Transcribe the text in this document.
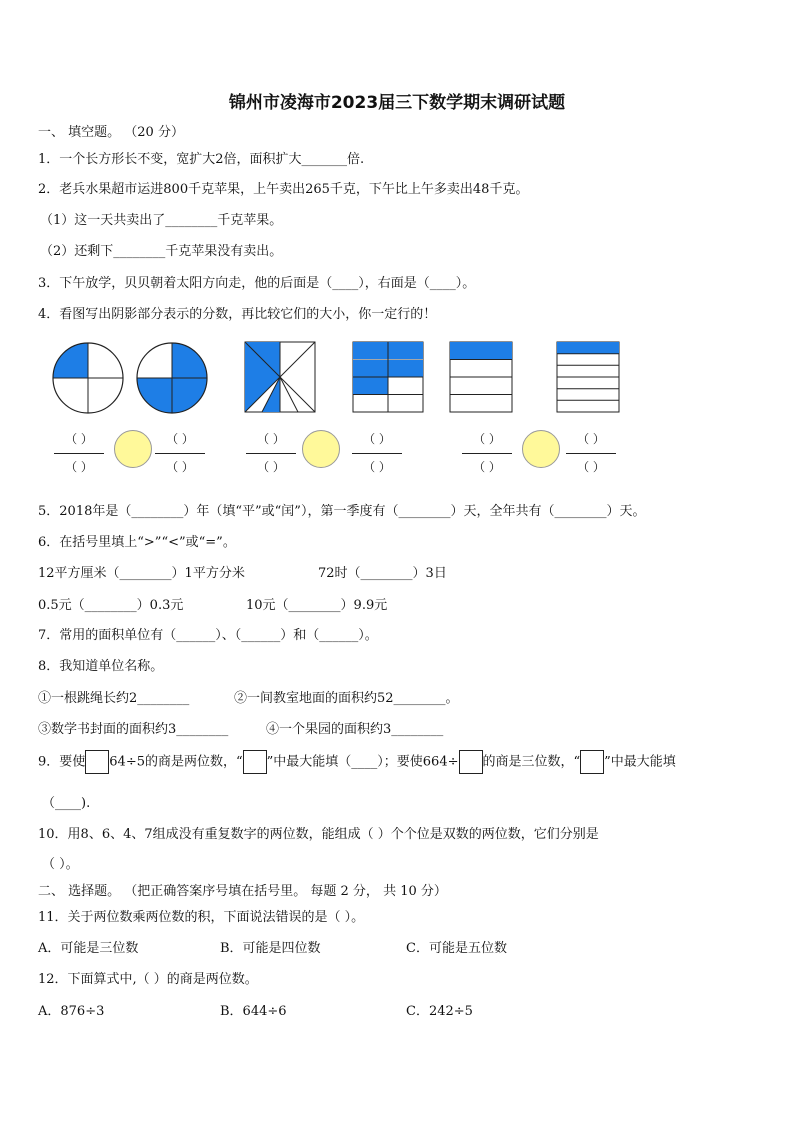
锦州市凌海市2023届三下数学期末调研试题
一、 填空题。 （20 分）
1．一个长方形长不变，宽扩大2倍，面积扩大_______倍.
2．老兵水果超市运进800千克苹果，上午卖出265千克，下午比上午多卖出48千克。
（1）这一天共卖出了________千克苹果。
（2）还剩下________千克苹果没有卖出。
3．下午放学，贝贝朝着太阳方向走，他的后面是（____），右面是（____）。
4．看图写出阴影部分表示的分数，再比较它们的大小，你一定行的！
（ ）
（ ）
（ ）
（ ）
（ ）
（ ）
（ ）
（ ）
（ ）
（ ）
（ ）
（ ）
5．2018年是（________）年（填“平”或“闰”），第一季度有（________）天，全年共有（________）天。
6．在括号里填上“>”“<”或“=”。
12平方厘米（________）1平方分米	72时（________）3日
0.5元（________）0.3元	10元（________）9.9元
7．常用的面积单位有（______）、（______）和（______）。
8．我知道单位名称。
①一根跳绳长约2________	②一间教室地面的面积约52________。
③数学书封面的面积约3________	④一个果园的面积约3________
9．要使 64÷5的商是两位数，“ ”中最大能填（____）；要使664÷ 的商是三位数，“ ”中最大能填
（____).
10．用8、6、4、7组成没有重复数字的两位数，能组成（ ）个个位是双数的两位数，它们分别是
（ ）。
二、 选择题。 （把正确答案序号填在括号里。 每题 2 分， 共 10 分）
11．关于两位数乘两位数的积，下面说法错误的是（ ）。
A．可能是三位数	B．可能是四位数	C．可能是五位数
12．下面算式中,（ ）的商是两位数。
A．876÷3	B．644÷6	C．242÷5
